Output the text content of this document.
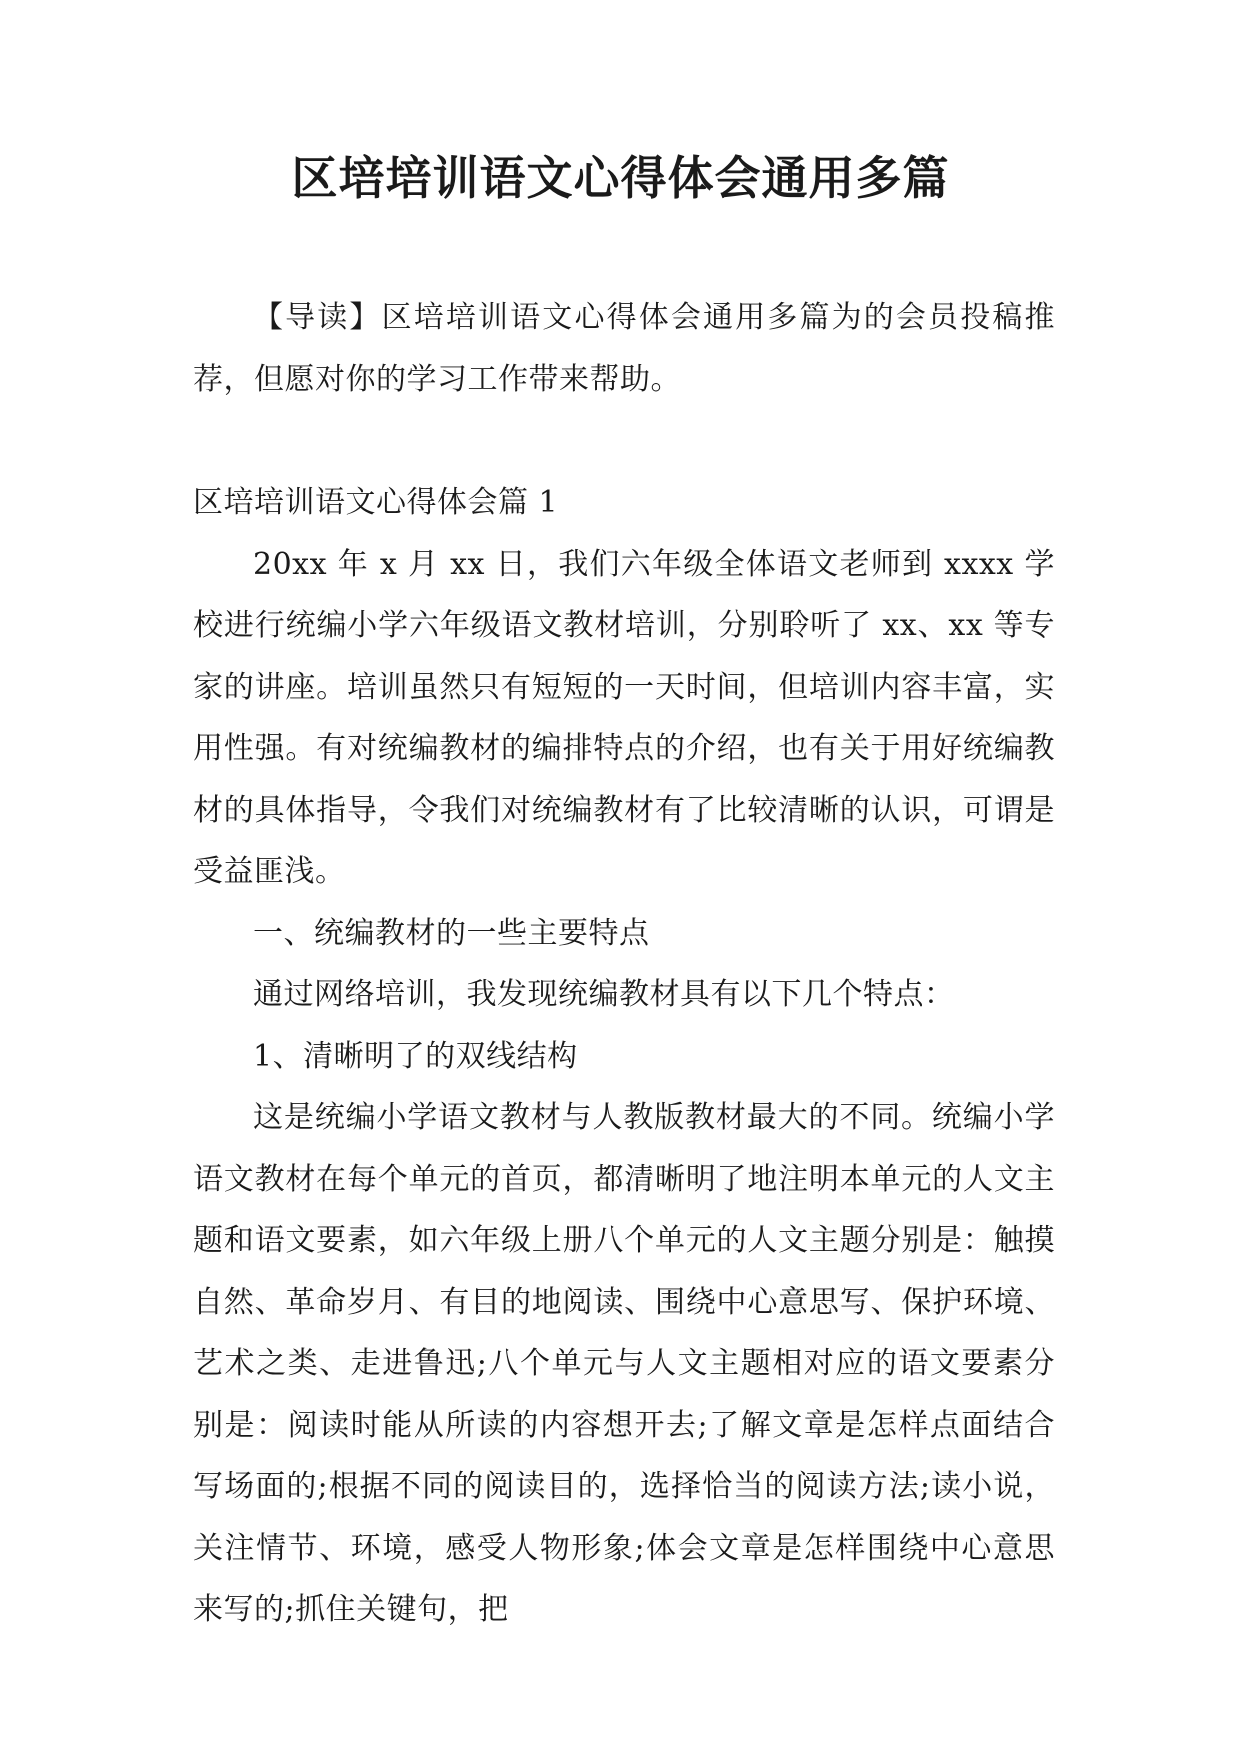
区培培训语文心得体会通用多篇

【导读】区培培训语文心得体会通用多篇为的会员投稿推荐，但愿对你的学习工作带来帮助。

区培培训语文心得体会篇 1

20xx 年 x 月 xx 日，我们六年级全体语文老师到 xxxx 学校进行统编小学六年级语文教材培训，分别聆听了 xx、xx 等专家的讲座。培训虽然只有短短的一天时间，但培训内容丰富，实用性强。有对统编教材的编排特点的介绍，也有关于用好统编教材的具体指导，令我们对统编教材有了比较清晰的认识，可谓是受益匪浅。

一、统编教材的一些主要特点

通过网络培训，我发现统编教材具有以下几个特点：

1、清晰明了的双线结构

这是统编小学语文教材与人教版教材最大的不同。统编小学语文教材在每个单元的首页，都清晰明了地注明本单元的人文主题和语文要素，如六年级上册八个单元的人文主题分别是：触摸自然、革命岁月、有目的地阅读、围绕中心意思写、保护环境、艺术之类、走进鲁迅;八个单元与人文主题相对应的语文要素分别是：阅读时能从所读的内容想开去;了解文章是怎样点面结合写场面的;根据不同的阅读目的，选择恰当的阅读方法;读小说，关注情节、环境，感受人物形象;体会文章是怎样围绕中心意思来写的;抓住关键句，把
